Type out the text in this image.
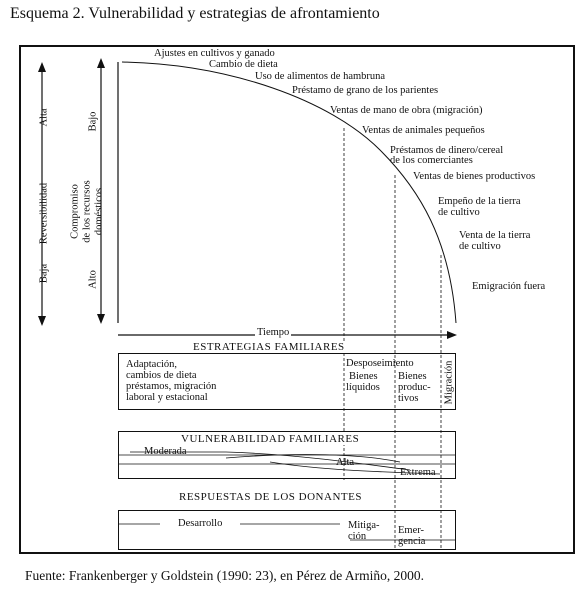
Esquema 2. Vulnerabilidad y estrategias de afrontamiento
Alta
Reversibilidad
Baja
Bajo
Compromiso de los recursos domésticos
Alto
Ajustes en cultivos y ganado
Cambio de dieta
Uso de alimentos de hambruna
Préstamo de grano de los parientes
Ventas de mano de obra (migración)
Ventas de animales pequeños
Préstamos de dinero/cereal
de los comerciantes
Ventas de bienes productivos
Empeño de la tierra
de cultivo
Venta de la tierra
de cultivo
Emigración fuera
Tiempo
ESTRATEGIAS FAMILIARES
Adaptación,
cambios de dieta
préstamos, migración
laboral y estacional
Desposeimiento
Bienes
líquidos
Bienes
produc-
tivos Migración
VULNERABILIDAD FAMILIARES
Moderada
Alta
Extrema
RESPUESTAS DE LOS DONANTES
Desarrollo	Mitiga-
ción
Emer-
gencia
Fuente: Frankenberger y Goldstein (1990: 23), en Pérez de Armiño, 2000.
